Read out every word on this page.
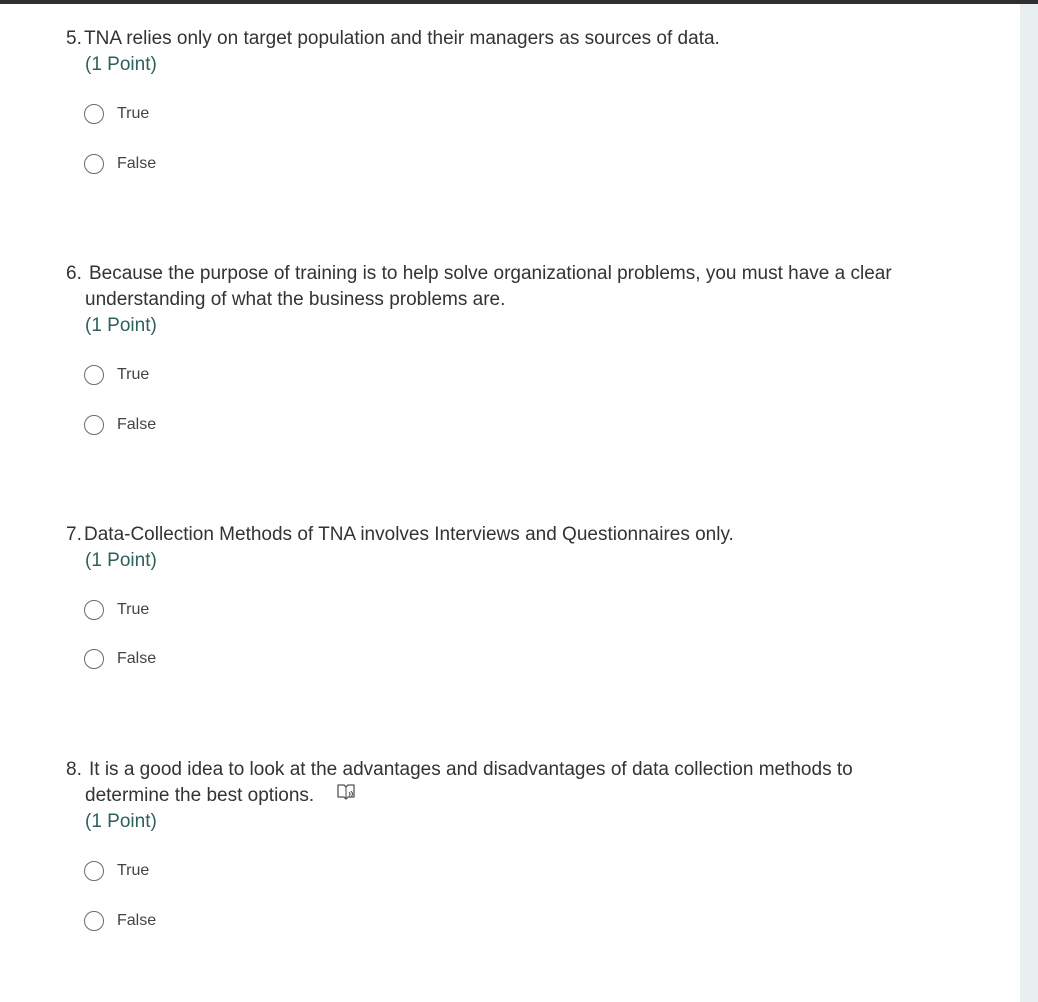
5. TNA relies only on target population and their managers as sources of data.
(1 Point)
True
False
6. Because the purpose of training is to help solve organizational problems, you must have a clear
understanding of what the business problems are.
(1 Point)
True
False
7. Data-Collection Methods of TNA involves Interviews and Questionnaires only.
(1 Point)
True
False
8. It is a good idea to look at the advantages and disadvantages of data collection methods to
determine the best options.
(1 Point)
True
False
